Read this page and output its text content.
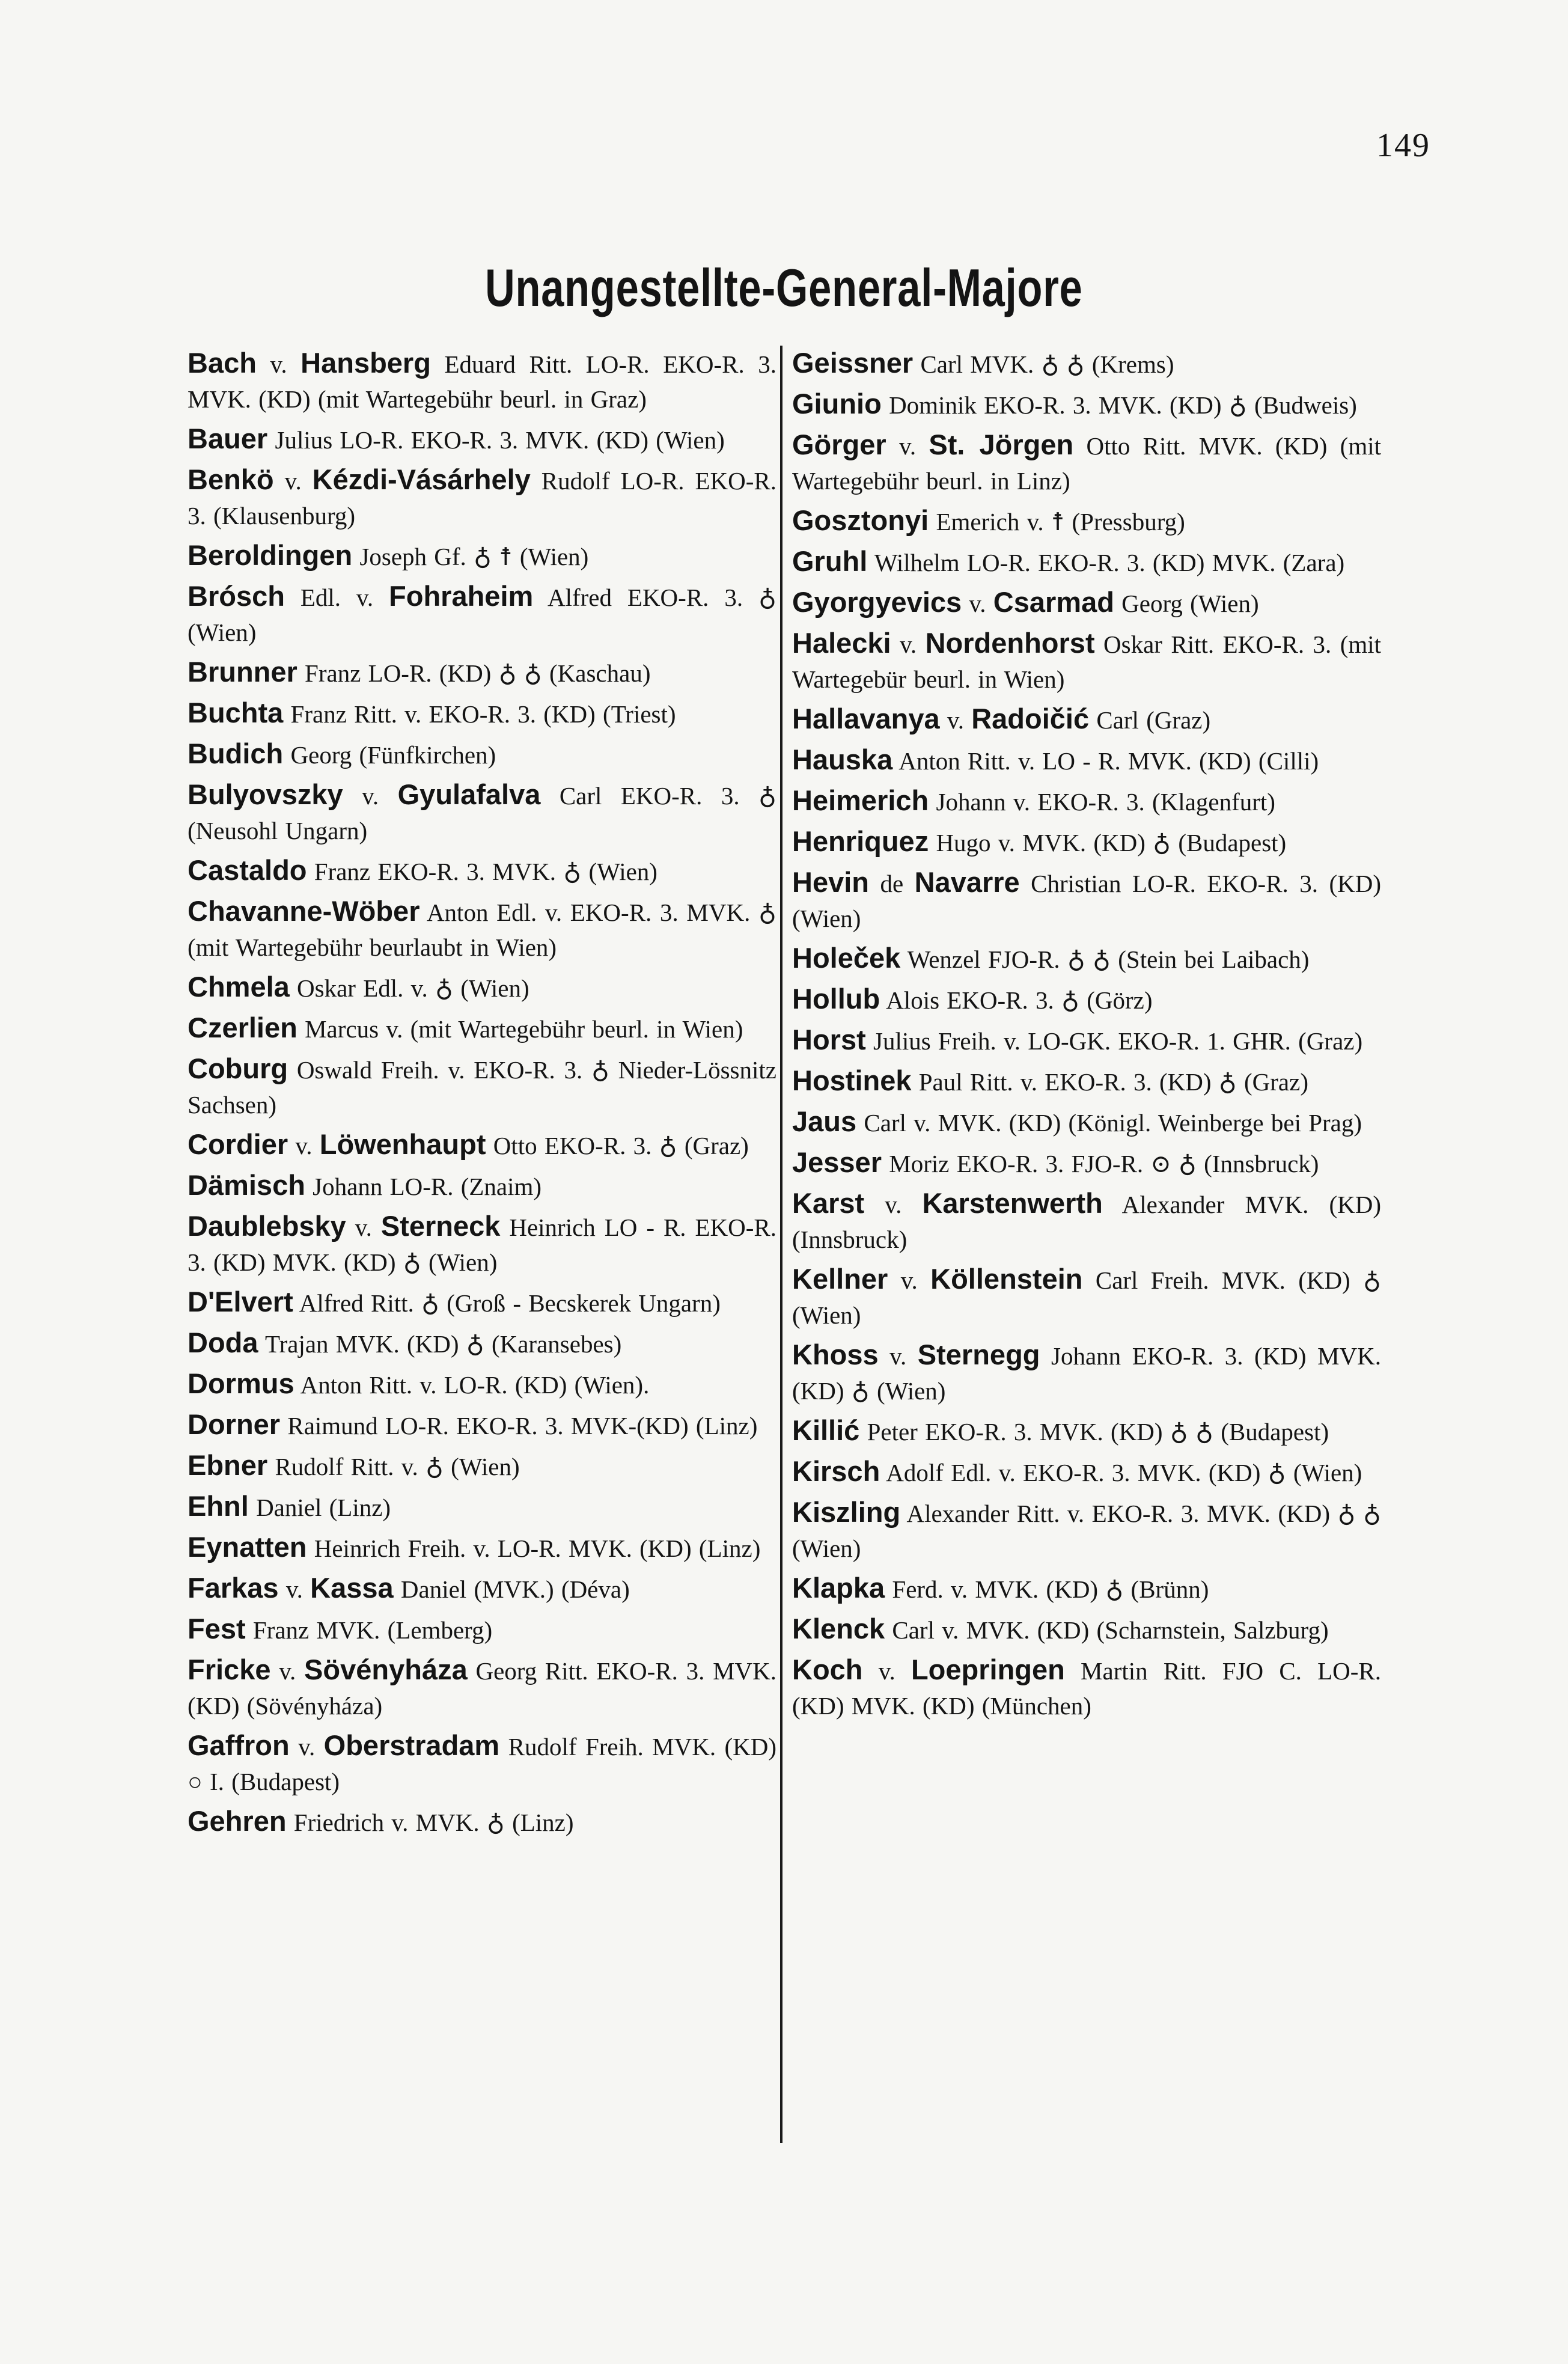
149
Unangestellte-General-Majore
Bach v. Hansberg Eduard Ritt. LO-R. EKO-R. 3. MVK. (KD) (mit Wartegebühr beurl. in Graz)
Bauer Julius LO-R. EKO-R. 3. MVK. (KD) (Wien)
Benkö v. Kézdi-Vásárhely Rudolf LO-R. EKO-R. 3. (Klausenburg)
Beroldingen Joseph Gf. ♁ ☨ (Wien)
Brósch Edl. v. Fohraheim Alfred EKO-R. 3. ♁ (Wien)
Brunner Franz LO-R. (KD) ♁ ♁ (Kaschau)
Buchta Franz Ritt. v. EKO-R. 3. (KD) (Triest)
Budich Georg (Fünfkirchen)
Bulyovszky v. Gyulafalva Carl EKO-R. 3. ♁ (Neusohl Ungarn)
Castaldo Franz EKO-R. 3. MVK. ♁ (Wien)
Chavanne-Wöber Anton Edl. v. EKO-R. 3. MVK. ♁ (mit Wartegebühr beurlaubt in Wien)
Chmela Oskar Edl. v. ♁ (Wien)
Czerlien Marcus v. (mit Wartegebühr beurl. in Wien)
Coburg Oswald Freih. v. EKO-R. 3. ♁ Nieder-Lössnitz Sachsen)
Cordier v. Löwenhaupt Otto EKO-R. 3. ♁ (Graz)
Dämisch Johann LO-R. (Znaim)
Daublebsky v. Sterneck Heinrich LO - R. EKO-R. 3. (KD) MVK. (KD) ♁ (Wien)
D'Elvert Alfred Ritt. ♁ (Groß - Becskerek Ungarn)
Doda Trajan MVK. (KD) ♁ (Karansebes)
Dormus Anton Ritt. v. LO-R. (KD) (Wien).
Dorner Raimund LO-R. EKO-R. 3. MVK-(KD) (Linz)
Ebner Rudolf Ritt. v. ♁ (Wien)
Ehnl Daniel (Linz)
Eynatten Heinrich Freih. v. LO-R. MVK. (KD) (Linz)
Farkas v. Kassa Daniel (MVK.) (Déva)
Fest Franz MVK. (Lemberg)
Fricke v. Sövényháza Georg Ritt. EKO-R. 3. MVK. (KD) (Sövényháza)
Gaffron v. Oberstradam Rudolf Freih. MVK. (KD) ○ I. (Budapest)
Gehren Friedrich v. MVK. ♁ (Linz)
Geissner Carl MVK. ♁ ♁ (Krems)
Giunio Dominik EKO-R. 3. MVK. (KD) ♁ (Budweis)
Görger v. St. Jörgen Otto Ritt. MVK. (KD) (mit Wartegebühr beurl. in Linz)
Gosztonyi Emerich v. ☨ (Pressburg)
Gruhl Wilhelm LO-R. EKO-R. 3. (KD) MVK. (Zara)
Gyorgyevics v. Csarmad Georg (Wien)
Halecki v. Nordenhorst Oskar Ritt. EKO-R. 3. (mit Wartegebür beurl. in Wien)
Hallavanya v. Radoičić Carl (Graz)
Hauska Anton Ritt. v. LO - R. MVK. (KD) (Cilli)
Heimerich Johann v. EKO-R. 3. (Klagenfurt)
Henriquez Hugo v. MVK. (KD) ♁ (Budapest)
Hevin de Navarre Christian LO-R. EKO-R. 3. (KD) (Wien)
Holeček Wenzel FJO-R. ♁ ♁ (Stein bei Laibach)
Hollub Alois EKO-R. 3. ♁ (Görz)
Horst Julius Freih. v. LO-GK. EKO-R. 1. GHR. (Graz)
Hostinek Paul Ritt. v. EKO-R. 3. (KD) ♁ (Graz)
Jaus Carl v. MVK. (KD) (Königl. Weinberge bei Prag)
Jesser Moriz EKO-R. 3. FJO-R. ⊙ ♁ (Innsbruck)
Karst v. Karstenwerth Alexander MVK. (KD) (Innsbruck)
Kellner v. Köllenstein Carl Freih. MVK. (KD) ♁ (Wien)
Khoss v. Sternegg Johann EKO-R. 3. (KD) MVK. (KD) ♁ (Wien)
Killić Peter EKO-R. 3. MVK. (KD) ♁ ♁ (Budapest)
Kirsch Adolf Edl. v. EKO-R. 3. MVK. (KD) ♁ (Wien)
Kiszling Alexander Ritt. v. EKO-R. 3. MVK. (KD) ♁ ♁ (Wien)
Klapka Ferd. v. MVK. (KD) ♁ (Brünn)
Klenck Carl v. MVK. (KD) (Scharnstein, Salzburg)
Koch v. Loepringen Martin Ritt. FJO C. LO-R. (KD) MVK. (KD) (München)
